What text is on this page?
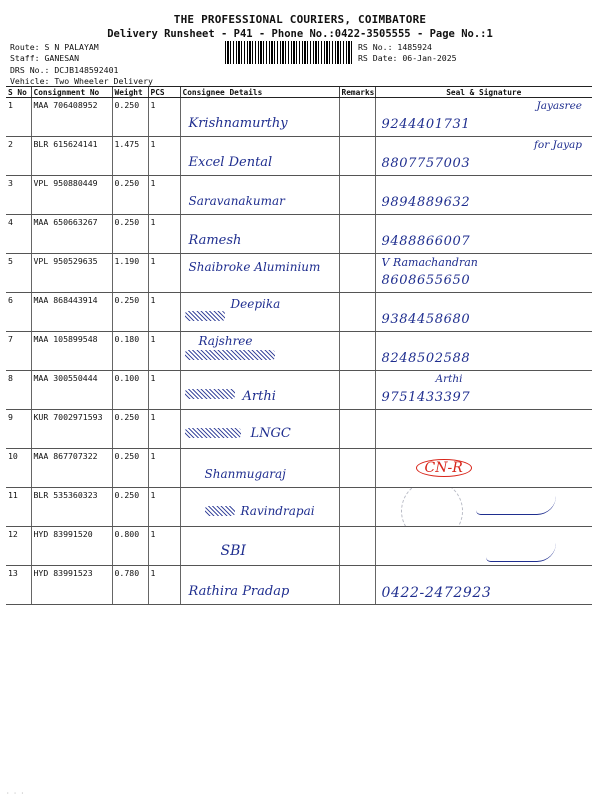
THE PROFESSIONAL COURIERS, COIMBATORE
Delivery Runsheet - P41 - Phone No.:0422-3505555 - Page No.:1
Route: S N PALAYAM
Staff: GANESAN
DRS No.: DCJB148592401
Vehicle: Two Wheeler Delivery
RS No.: 1485924
RS Date: 06-Jan-2025
S No	Consignment No	Weight	PCS	Consignee Details	Remarks	Seal & Signature
1	MAA 706408952	0.250	1	Krishnamurthy		Jayasree
9244401731

2	BLR 615624141	1.475	1	Excel Dental		for Jayap
8807757003

3	VPL 950880449	0.250	1	Saravanakumar		9894889632

4	MAA 650663267	0.250	1	Ramesh		9488866007

5	VPL 950529635	1.190	1	Shaibroke Aluminium		V Ramachandran
8608655650

6	MAA 868443914	0.250	1	Deepika		9384458680

7	MAA 105899548	0.180	1	Rajshree		8248502588

8	MAA 300550444	0.100	1	Arthi		Arthi
9751433397

9	KUR 7002971593	0.250	1	LNGC		

10	MAA 867707322	0.250	1	Shanmugaraj		CN-R

11	BLR 535360323	0.250	1	Ravindrapai		

12	HYD 83991520	0.800	1	SBI		

13	HYD 83991523	0.780	1	Rathira Pradap		0422-2472923
· · ·
